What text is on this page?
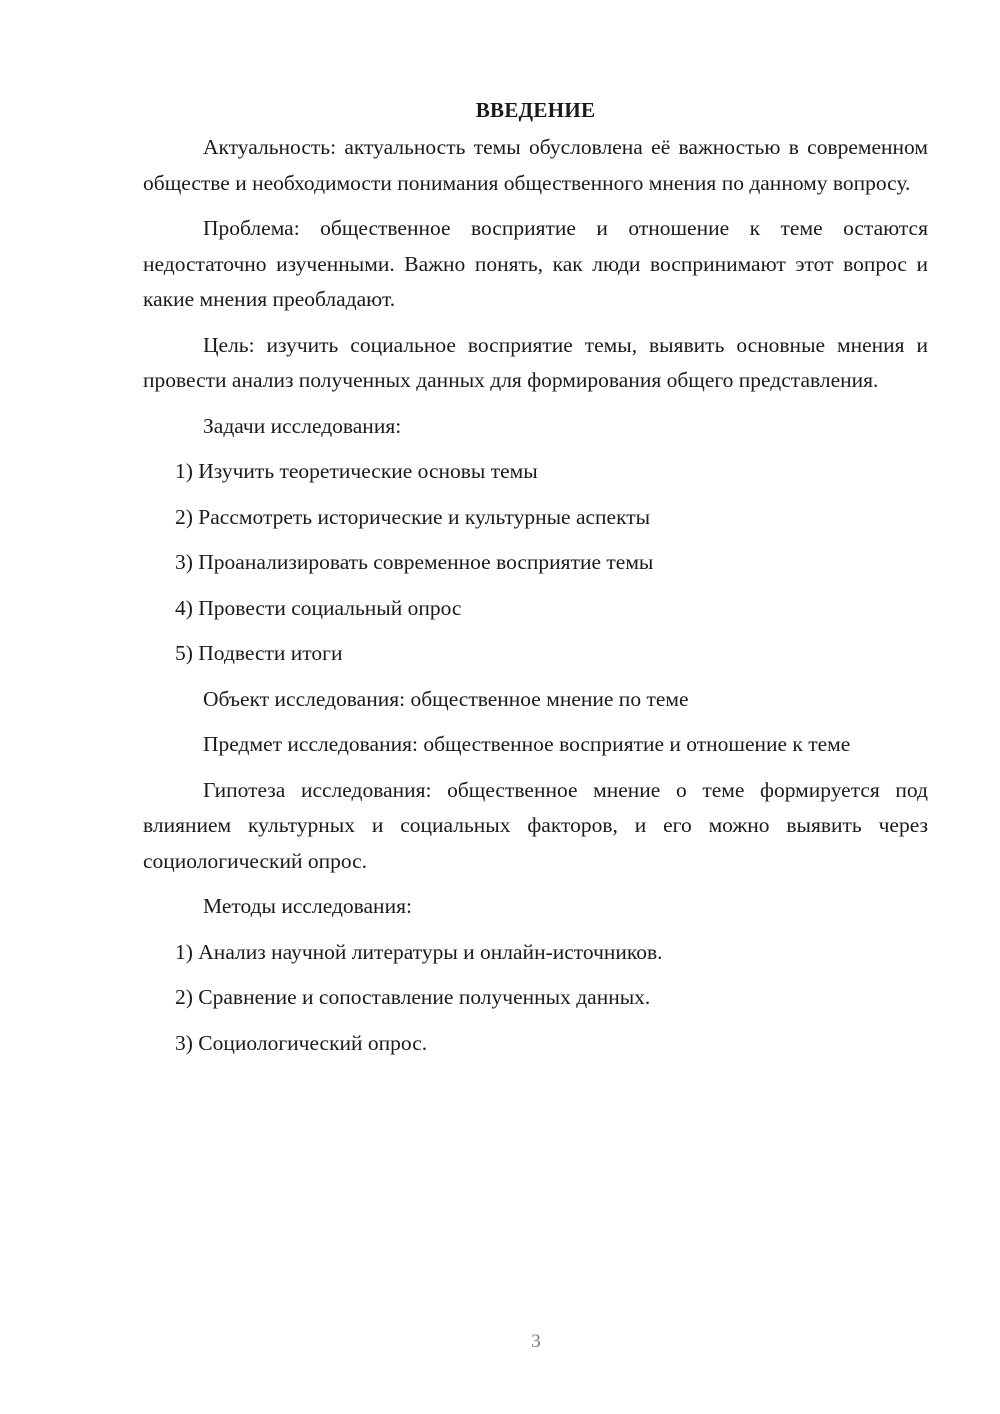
ВВЕДЕНИЕ

Актуальность: актуальность темы обусловлена её важностью в современном обществе и необходимости понимания общественного мнения по данному вопросу.

Проблема: общественное восприятие и отношение к теме остаются недостаточно изученными. Важно понять, как люди воспринимают этот вопрос и какие мнения преобладают.

Цель: изучить социальное восприятие темы, выявить основные мнения и провести анализ полученных данных для формирования общего представления.

Задачи исследования:

1) Изучить теоретические основы темы

2) Рассмотреть исторические и культурные аспекты

3) Проанализировать современное восприятие темы

4) Провести социальный опрос

5) Подвести итоги

Объект исследования: общественное мнение по теме

Предмет исследования: общественное восприятие и отношение к теме

Гипотеза исследования: общественное мнение о теме формируется под влиянием культурных и социальных факторов, и его можно выявить через социологический опрос.

Методы исследования:

1) Анализ научной литературы и онлайн-источников.

2) Сравнение и сопоставление полученных данных.

3) Социологический опрос.

3
